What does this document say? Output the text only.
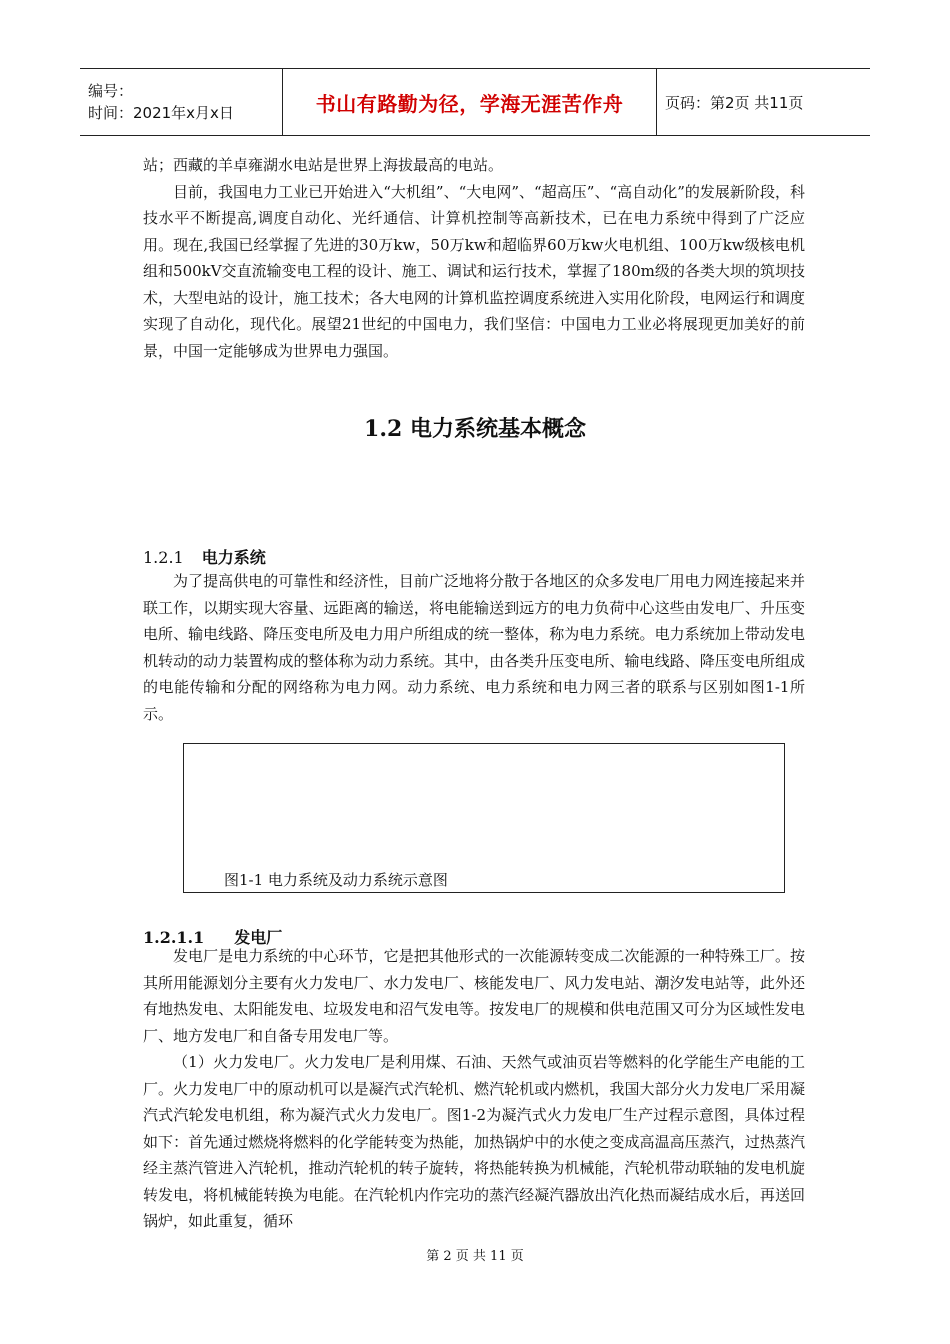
编号：
时间：2021年x月x日	书山有路勤为径，学海无涯苦作舟	页码：第2页 共11页

站；西藏的羊卓雍湖水电站是世界上海拔最高的电站。

目前，我国电力工业已开始进入“大机组”、“大电网”、“超高压”、“高自动化”的发展新阶段，科技水平不断提高,调度自动化、光纤通信、计算机控制等高新技术，已在电力系统中得到了广泛应用。现在,我国已经掌握了先进的30万kw，50万kw和超临界60万kw火电机组、100万kw级核电机组和500kV交直流输变电工程的设计、施工、调试和运行技术，掌握了180m级的各类大坝的筑坝技术，大型电站的设计，施工技术；各大电网的计算机监控调度系统进入实用化阶段，电网运行和调度实现了自动化，现代化。展望21世纪的中国电力，我们坚信：中国电力工业必将展现更加美好的前景，中国一定能够成为世界电力强国。

1.2 电力系统基本概念
1.2.1 电力系统

为了提高供电的可靠性和经济性，目前广泛地将分散于各地区的众多发电厂用电力网连接起来并联工作，以期实现大容量、远距离的输送，将电能输送到远方的电力负荷中心这些由发电厂、升压变电所、输电线路、降压变电所及电力用户所组成的统一整体，称为电力系统。电力系统加上带动发电机转动的动力装置构成的整体称为动力系统。其中，由各类升压变电所、输电线路、降压变电所组成的电能传输和分配的网络称为电力网。动力系统、电力系统和电力网三者的联系与区别如图1-1所示。

图1-1 电力系统及动力系统示意图
1.2.1.1 发电厂

发电厂是电力系统的中心环节，它是把其他形式的一次能源转变成二次能源的一种特殊工厂。按其所用能源划分主要有火力发电厂、水力发电厂、核能发电厂、风力发电站、潮汐发电站等，此外还有地热发电、太阳能发电、垃圾发电和沼气发电等。按发电厂的规模和供电范围又可分为区域性发电厂、地方发电厂和自备专用发电厂等。

（1）火力发电厂。火力发电厂是利用煤、石油、天然气或油页岩等燃料的化学能生产电能的工厂。火力发电厂中的原动机可以是凝汽式汽轮机、燃汽轮机或内燃机，我国大部分火力发电厂采用凝汽式汽轮发电机组，称为凝汽式火力发电厂。图1-2为凝汽式火力发电厂生产过程示意图，具体过程如下：首先通过燃烧将燃料的化学能转变为热能，加热锅炉中的水使之变成高温高压蒸汽，过热蒸汽经主蒸汽管进入汽轮机，推动汽轮机的转子旋转，将热能转换为机械能，汽轮机带动联轴的发电机旋转发电，将机械能转换为电能。在汽轮机内作完功的蒸汽经凝汽器放出汽化热而凝结成水后，再送回锅炉，如此重复，循环

第 2 页 共 11 页
